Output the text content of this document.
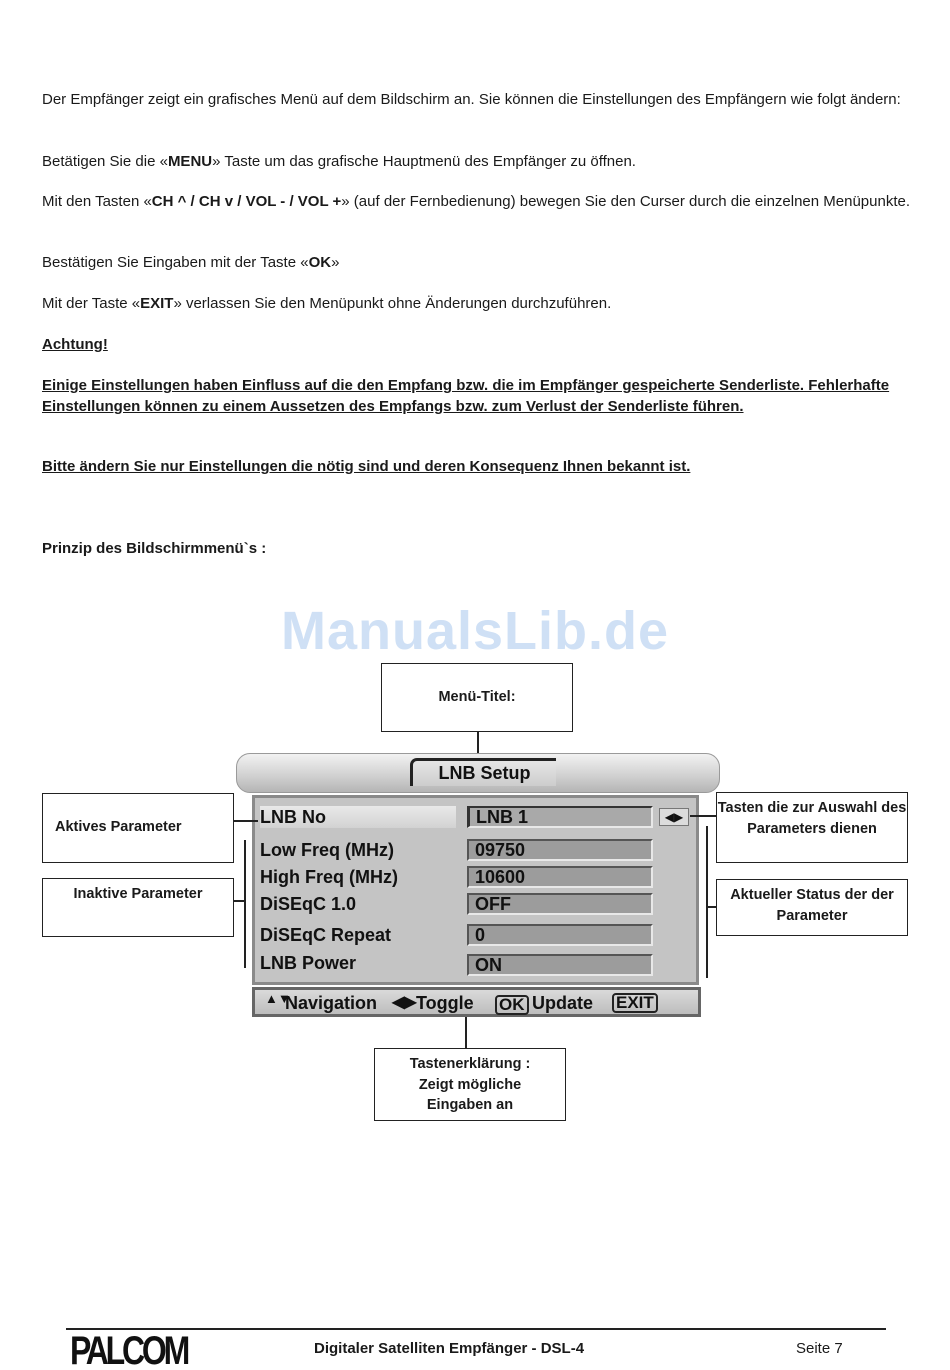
Der Empfänger zeigt ein grafisches Menü auf dem Bildschirm an. Sie können die Einstellungen des Empfängern wie folgt ändern:
Betätigen Sie die «MENU» Taste um das grafische Hauptmenü des Empfänger zu öffnen.
Mit den Tasten «CH ^ / CH v / VOL - / VOL +» (auf der Fernbedienung) bewegen Sie den Curser durch die einzelnen Menüpunkte.
Bestätigen Sie Eingaben mit der Taste «OK»
Mit der Taste «EXIT» verlassen Sie den Menüpunkt ohne Änderungen durchzuführen.
Achtung!
Einige Einstellungen haben Einfluss auf die den Empfang bzw. die im Empfänger gespeicherte Senderliste. Fehlerhafte Einstellungen können zu einem Aussetzen des Empfangs bzw. zum Verlust der Senderliste führen.
Bitte ändern Sie nur Einstellungen die nötig sind und deren Konsequenz Ihnen bekannt ist.
Prinzip des Bildschirmmenü`s :
ManualsLib.de
Menü-Titel:
LNB Setup
LNB No	LNB 1	◀▶
Low Freq (MHz)	09750
High Freq (MHz)	10600
DiSEqC 1.0	OFF
DiSEqC Repeat	0
LNB Power	ON
▲▼
Navigation ◀▶ Toggle OK Update EXIT
Aktives Parameter
Inaktive Parameter
Tasten die zur Auswahl des Parameters dienen
Aktueller Status der der Parameter
Tastenerklärung : Zeigt mögliche Eingaben an
PALCOM	Digitaler Satelliten Empfänger - DSL-4	Seite 7
